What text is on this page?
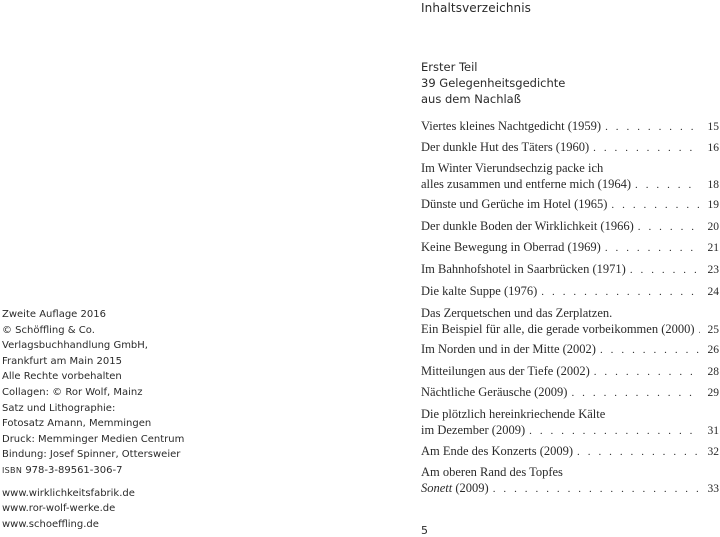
Inhaltsverzeichnis
Erster Teil
39 Gelegenheitsgedichte
aus dem Nachlaß
Viertes kleines Nachtgedicht (1959) . . .	15
Der dunkle Hut des Täters (1960) . . .	16
Im Winter Vierundsechzig packe ich
alles zusammen und entferne mich (1964) . . .	18
Dünste und Gerüche im Hotel (1965) . . .	19
Der dunkle Boden der Wirklichkeit (1966) . . .	20
Keine Bewegung in Oberrad (1969) . . .	21
Im Bahnhofshotel in Saarbrücken (1971) . . .	23
Die kalte Suppe (1976) . . .	24
Das Zerquetschen und das Zerplatzen.
Ein Beispiel für alle, die gerade vorbeikommen (2000) . . .	25
Im Norden und in der Mitte (2002) . . .	26
Mitteilungen aus der Tiefe (2002) . . .	28
Nächtliche Geräusche (2009) . . .	29
Die plötzlich hereinkriechende Kälte
im Dezember (2009) . . .	31
Am Ende des Konzerts (2009) . . .	32
Am oberen Rand des Topfes
Sonett (2009) . . .	33
Zweite Auflage 2016
© Schöffling & Co.
Verlagsbuchhandlung GmbH,
Frankfurt am Main 2015
Alle Rechte vorbehalten
Collagen: © Ror Wolf, Mainz
Satz und Lithographie:
Fotosatz Amann, Memmingen
Druck: Memminger Medien Centrum
Bindung: Josef Spinner, Ottersweier
ISBN 978-3-89561-306-7
www.wirklichkeitsfabrik.de
www.ror-wolf-werke.de
www.schoeffling.de	5
